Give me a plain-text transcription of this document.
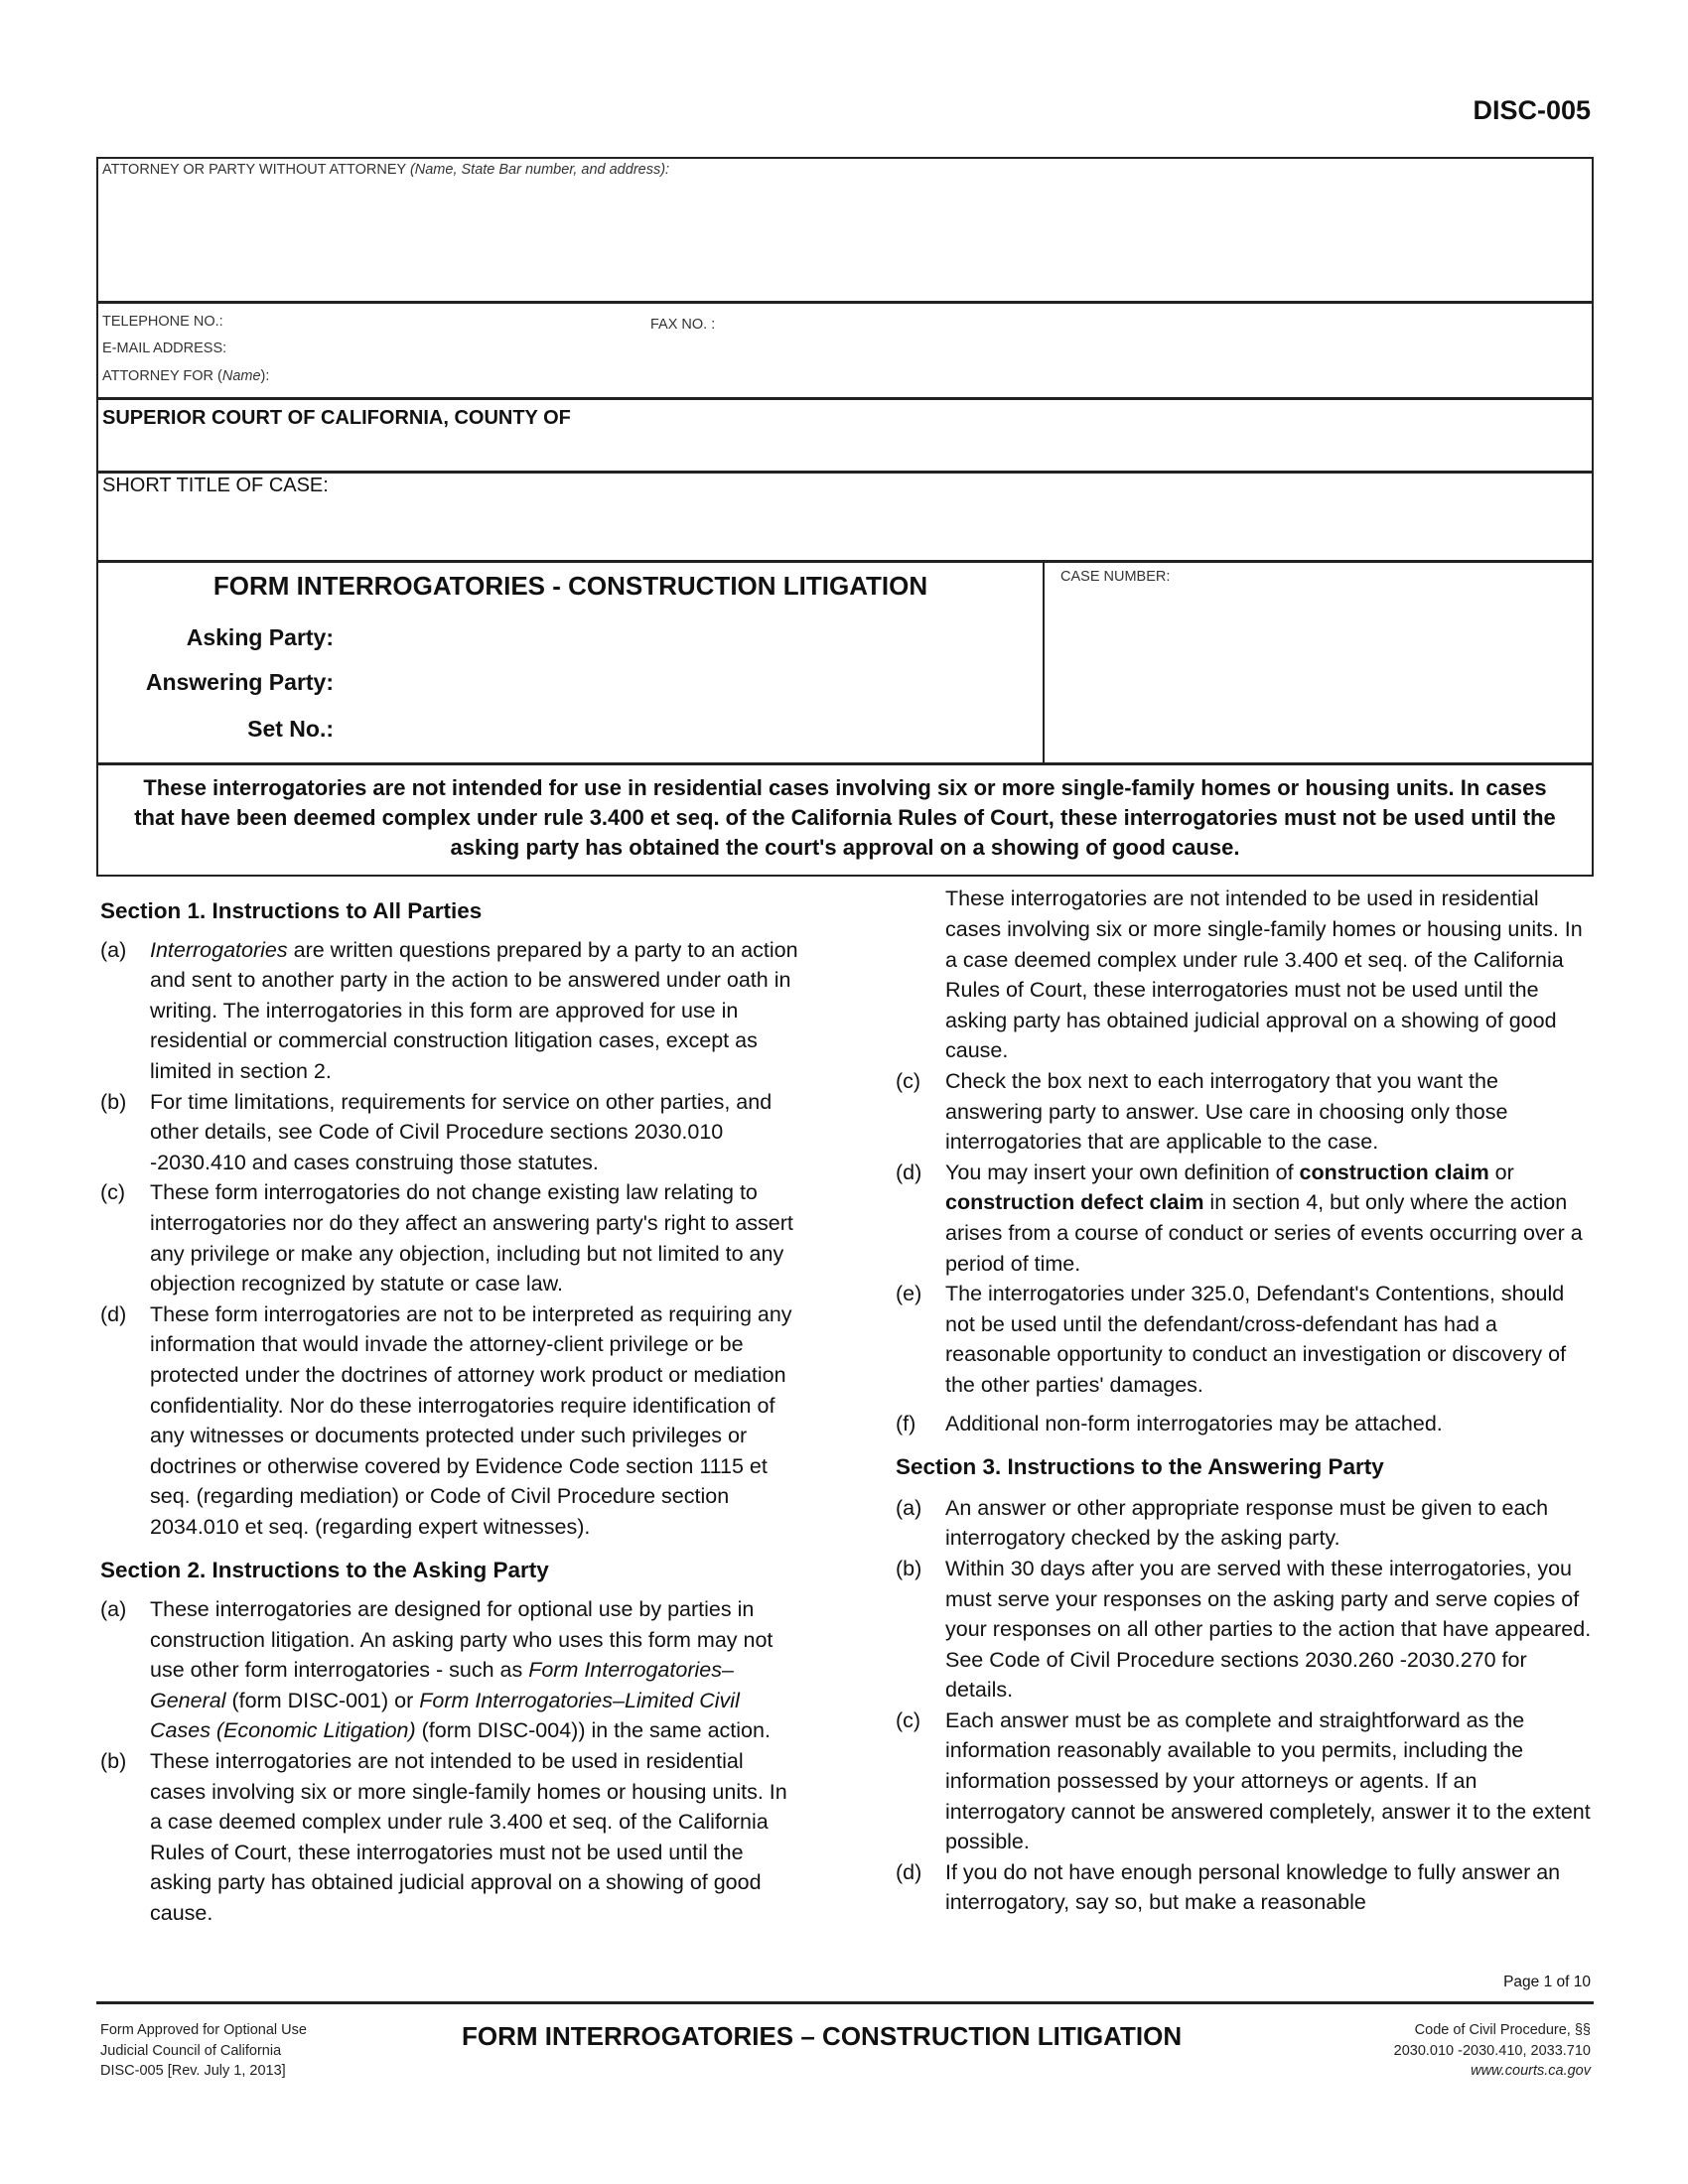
DISC-005
ATTORNEY OR PARTY WITHOUT ATTORNEY (Name, State Bar number, and address):
TELEPHONE NO.:	FAX NO. :
E-MAIL ADDRESS:
ATTORNEY FOR (Name):
SUPERIOR COURT OF CALIFORNIA, COUNTY OF
SHORT TITLE OF CASE:
FORM INTERROGATORIES - CONSTRUCTION LITIGATION
Asking Party:
Answering Party:
Set No.:
CASE NUMBER:
These interrogatories are not intended for use in residential cases involving six or more single-family homes or housing units. In cases that have been deemed complex under rule 3.400 et seq. of the California Rules of Court, these interrogatories must not be used until the asking party has obtained the court's approval on a showing of good cause.
Section 1. Instructions to All Parties
(a) Interrogatories are written questions prepared by a party to an action and sent to another party in the action to be answered under oath in writing. The interrogatories in this form are approved for use in residential or commercial construction litigation cases, except as limited in section 2.
(b) For time limitations, requirements for service on other parties, and other details, see Code of Civil Procedure sections 2030.010 -2030.410 and cases construing those statutes.
(c) These form interrogatories do not change existing law relating to interrogatories nor do they affect an answering party's right to assert any privilege or make any objection, including but not limited to any objection recognized by statute or case law.
(d) These form interrogatories are not to be interpreted as requiring any information that would invade the attorney-client privilege or be protected under the doctrines of attorney work product or mediation confidentiality. Nor do these interrogatories require identification of any witnesses or documents protected under such privileges or doctrines or otherwise covered by Evidence Code section 1115 et seq. (regarding mediation) or Code of Civil Procedure section 2034.010 et seq. (regarding expert witnesses).
Section 2. Instructions to the Asking Party
(a) These interrogatories are designed for optional use by parties in construction litigation. An asking party who uses this form may not use other form interrogatories - such as Form Interrogatories–General (form DISC-001) or Form Interrogatories–Limited Civil Cases (Economic Litigation) (form DISC-004)) in the same action.
(b) These interrogatories are not intended to be used in residential cases involving six or more single-family homes or housing units. In a case deemed complex under rule 3.400 et seq. of the California Rules of Court, these interrogatories must not be used until the asking party has obtained judicial approval on a showing of good cause.
These interrogatories are not intended to be used in residential cases involving six or more single-family homes or housing units. In a case deemed complex under rule 3.400 et seq. of the California Rules of Court, these interrogatories must not be used until the asking party has obtained judicial approval on a showing of good cause.
(c) Check the box next to each interrogatory that you want the answering party to answer. Use care in choosing only those interrogatories that are applicable to the case.
(d) You may insert your own definition of construction claim or construction defect claim in section 4, but only where the action arises from a course of conduct or series of events occurring over a period of time.
(e) The interrogatories under 325.0, Defendant's Contentions, should not be used until the defendant/cross-defendant has had a reasonable opportunity to conduct an investigation or discovery of the other parties' damages.
(f) Additional non-form interrogatories may be attached.
Section 3. Instructions to the Answering Party
(a) An answer or other appropriate response must be given to each interrogatory checked by the asking party.
(b) Within 30 days after you are served with these interrogatories, you must serve your responses on the asking party and serve copies of your responses on all other parties to the action that have appeared. See Code of Civil Procedure sections 2030.260 -2030.270 for details.
(c) Each answer must be as complete and straightforward as the information reasonably available to you permits, including the information possessed by your attorneys or agents. If an interrogatory cannot be answered completely, answer it to the extent possible.
(d) If you do not have enough personal knowledge to fully answer an interrogatory, say so, but make a reasonable
Page 1 of 10
Form Approved for Optional Use
Judicial Council of California
DISC-005 [Rev. July 1, 2013]
FORM INTERROGATORIES – CONSTRUCTION LITIGATION	Code of Civil Procedure, §§
2030.010 -2030.410, 2033.710
www.courts.ca.gov
